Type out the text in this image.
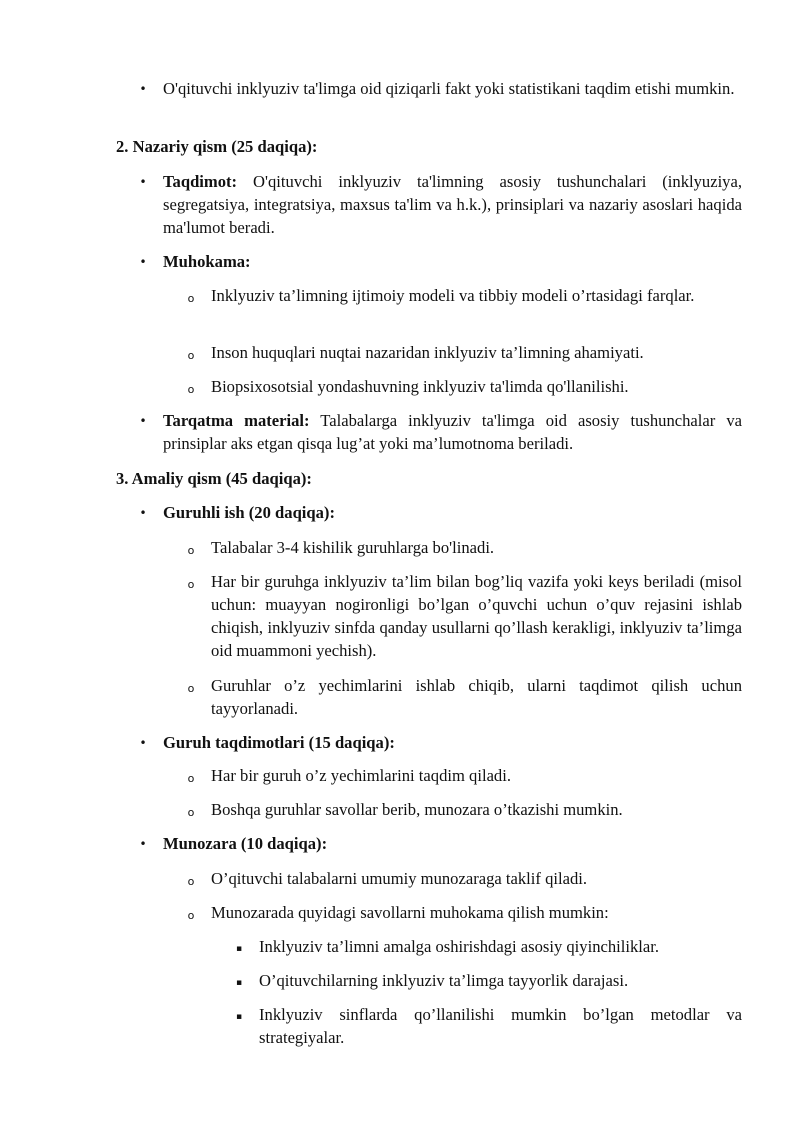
• O'qituvchi inklyuziv ta'limga oid qiziqarli fakt yoki statistikani taqdim etishi mumkin.
2. Nazariy qism (25 daqiqa):
• Taqdimot: O'qituvchi inklyuziv ta'limning asosiy tushunchalari (inklyuziya, segregatsiya, integratsiya, maxsus ta'lim va h.k.), prinsiplari va nazariy asoslari haqida ma'lumot beradi.
• Muhokama:
o Inklyuziv ta’limning ijtimoiy modeli va tibbiy modeli o’rtasidagi farqlar.
o Inson huquqlari nuqtai nazaridan inklyuziv ta’limning ahamiyati.
o Biopsixosotsial yondashuvning inklyuziv ta'limda qo'llanilishi.
• Tarqatma material: Talabalarga inklyuziv ta'limga oid asosiy tushunchalar va prinsiplar aks etgan qisqa lug’at yoki ma’lumotnoma beriladi.
3. Amaliy qism (45 daqiqa):
• Guruhli ish (20 daqiqa):
o Talabalar 3-4 kishilik guruhlarga bo'linadi.
o Har bir guruhga inklyuziv ta’lim bilan bog’liq vazifa yoki keys beriladi (misol uchun: muayyan nogironligi bo’lgan o’quvchi uchun o’quv rejasini ishlab chiqish, inklyuziv sinfda qanday usullarni qo’llash kerakligi, inklyuziv ta’limga oid muammoni yechish).
o Guruhlar o’z yechimlarini ishlab chiqib, ularni taqdimot qilish uchun tayyorlanadi.
• Guruh taqdimotlari (15 daqiqa):
o Har bir guruh o’z yechimlarini taqdim qiladi.
o Boshqa guruhlar savollar berib, munozara o’tkazishi mumkin.
• Munozara (10 daqiqa):
o O’qituvchi talabalarni umumiy munozaraga taklif qiladi.
o Munozarada quyidagi savollarni muhokama qilish mumkin:
▪ Inklyuziv ta’limni amalga oshirishdagi asosiy qiyinchiliklar.
▪ O’qituvchilarning inklyuziv ta’limga tayyorlik darajasi.
▪ Inklyuziv sinflarda qo’llanilishi mumkin bo’lgan metodlar va strategiyalar.
